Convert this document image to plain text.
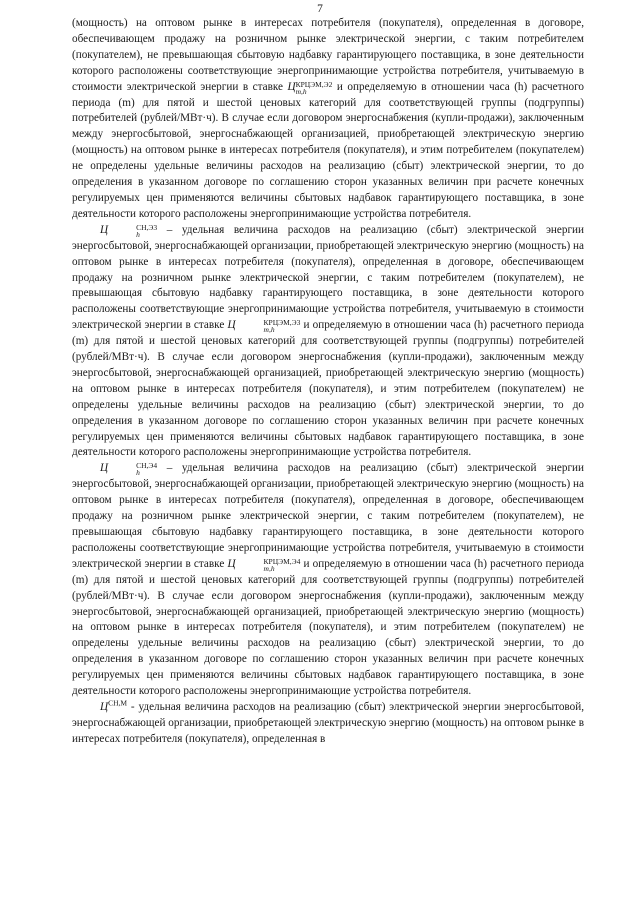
7

(мощность) на оптовом рынке в интересах потребителя (покупателя), определенная в договоре, обеспечивающем продажу на розничном рынке электрической энергии, с таким потребителем (покупателем), не превышающая сбытовую надбавку гарантирующего поставщика, в зоне деятельности которого расположены соответствующие энергопринимающие устройства потребителя, учитываемую в стоимости электрической энергии в ставке Ц КРЦЭМ,Э2
m,h	и определяемую в отношении часа (h) расчетного периода (m) для пятой и шестой ценовых категорий для соответствующей группы (подгруппы) потребителей (рублей/МВт·ч). В случае если договором энергоснабжения (купли-продажи), заключенным между энергосбытовой, энергоснабжающей организацией, приобретающей электрическую энергию (мощность) на оптовом рынке в интересах потребителя (покупателя), и этим потребителем (покупателем) не определены удельные величины расходов на реализацию (сбыт) электрической энергии, то до определения в указанном договоре по соглашению сторон указанных величин при расчете конечных регулируемых цен применяются величины сбытовых надбавок гарантирующего поставщика, в зоне деятельности которого расположены энергопринимающие устройства потребителя.

Ц	СН,Э3
h	– удельная величина расходов на реализацию (сбыт) электрической энергии энергосбытовой, энергоснабжающей организации, приобретающей электрическую энергию (мощность) на оптовом рынке в интересах потребителя (покупателя), определенная в договоре, обеспечивающем продажу на розничном рынке электрической энергии, с таким потребителем (покупателем), не превышающая сбытовую надбавку гарантирующего поставщика, в зоне деятельности которого расположены соответствующие энергопринимающие устройства потребителя, учитываемую в стоимости электрической энергии в ставке Ц	КРЦЭМ,Э3
m,h	и определяемую в отношении часа (h) расчетного периода (m) для пятой и шестой ценовых категорий для соответствующей группы (подгруппы) потребителей (рублей/МВт·ч). В случае если договором энергоснабжения (купли-продажи), заключенным между энергосбытовой, энергоснабжающей организацией, приобретающей электрическую энергию (мощность) на оптовом рынке в интересах потребителя (покупателя), и этим потребителем (покупателем) не определены удельные величины расходов на реализацию (сбыт) электрической энергии, то до определения в указанном договоре по соглашению сторон указанных величин при расчете конечных регулируемых цен применяются величины сбытовых надбавок гарантирующего поставщика, в зоне деятельности которого расположены энергопринимающие устройства потребителя.

Ц	СН,Э4
h	– удельная величина расходов на реализацию (сбыт) электрической энергии энергосбытовой, энергоснабжающей организации, приобретающей электрическую энергию (мощность) на оптовом рынке в интересах потребителя (покупателя), определенная в договоре, обеспечивающем продажу на розничном рынке электрической энергии, с таким потребителем (покупателем), не превышающая сбытовую надбавку гарантирующего поставщика, в зоне деятельности которого расположены соответствующие энергопринимающие устройства потребителя, учитываемую в стоимости электрической энергии в ставке Ц	КРЦЭМ,Э4
m,h	и определяемую в отношении часа (h) расчетного периода (m) для пятой и шестой ценовых категорий для соответствующей группы (подгруппы) потребителей (рублей/МВт·ч). В случае если договором энергоснабжения (купли-продажи), заключенным между энергосбытовой, энергоснабжающей организацией, приобретающей электрическую энергию (мощность) на оптовом рынке в интересах потребителя (покупателя), и этим потребителем (покупателем) не определены удельные величины расходов на реализацию (сбыт) электрической энергии, то до определения в указанном договоре по соглашению сторон указанных величин при расчете конечных регулируемых цен применяются величины сбытовых надбавок гарантирующего поставщика, в зоне деятельности которого расположены энергопринимающие устройства потребителя.

$Ц^{СН,М}$ - удельная величина расходов на реализацию (сбыт) электрической энергии энергосбытовой, энергоснабжающей организации, приобретающей электрическую энергию (мощность) на оптовом рынке в интересах потребителя (покупателя), определенная в
